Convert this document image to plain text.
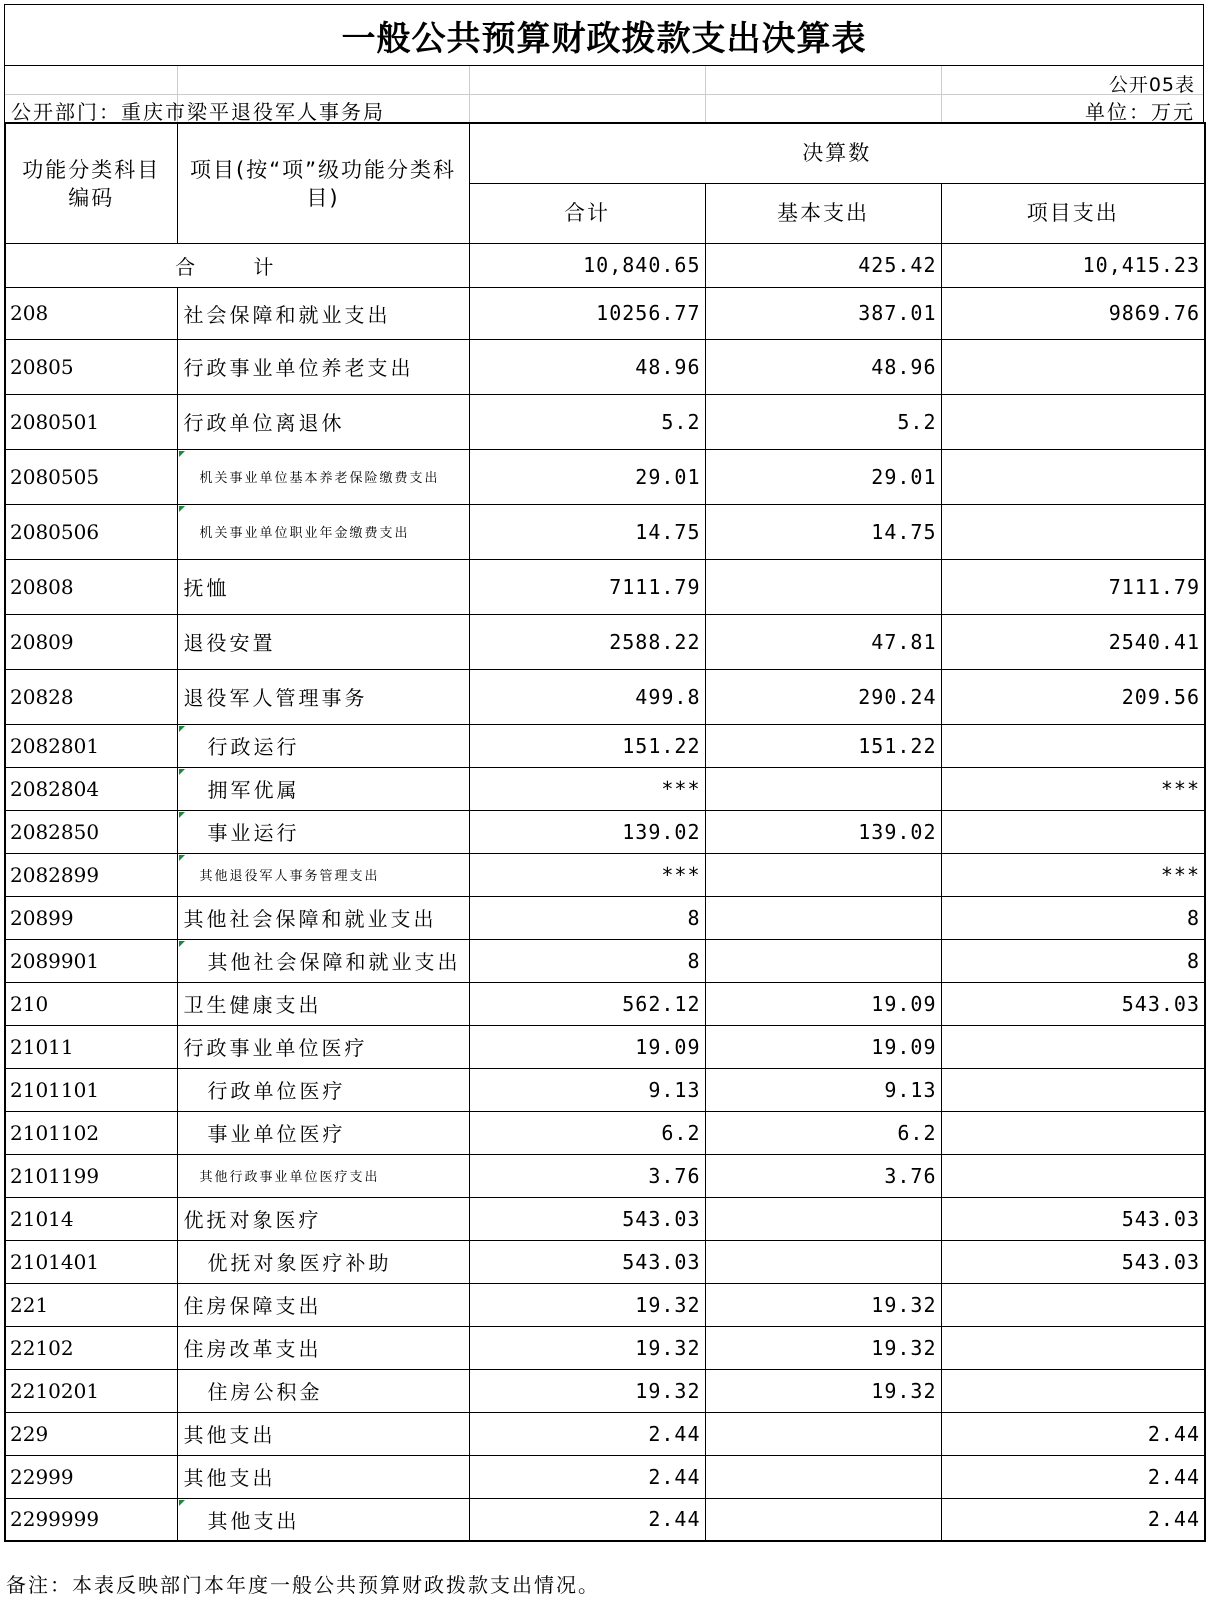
一般公共预算财政拨款支出决算表
公开05表
公开部门：重庆市梁平退役军人事务局	单位：万元
功能分类科目编码	项目(按“项”级功能分类科目)	决算数		
		合计	基本支出	项目支出
合 计		10,840.65	425.42	10,415.23
208	社会保障和就业支出	10256.77	387.01	9869.76
20805	行政事业单位养老支出	48.96	48.96	
2080501	行政单位离退休	5.2	5.2	
2080505	机关事业单位基本养老保险缴费支出	29.01	29.01	
2080506	机关事业单位职业年金缴费支出	14.75	14.75	
20808	抚恤	7111.79		7111.79
20809	退役安置	2588.22	47.81	2540.41
20828	退役军人管理事务	499.8	290.24	209.56
2082801	行政运行	151.22	151.22	
2082804	拥军优属	***		***
2082850	事业运行	139.02	139.02	
2082899	其他退役军人事务管理支出	***		***
20899	其他社会保障和就业支出	8		8
2089901	其他社会保障和就业支出	8		8
210	卫生健康支出	562.12	19.09	543.03
21011	行政事业单位医疗	19.09	19.09	
2101101	行政单位医疗	9.13	9.13	
2101102	事业单位医疗	6.2	6.2	
2101199	其他行政事业单位医疗支出	3.76	3.76	
21014	优抚对象医疗	543.03		543.03
2101401	优抚对象医疗补助	543.03		543.03
221	住房保障支出	19.32	19.32	
22102	住房改革支出	19.32	19.32	
2210201	住房公积金	19.32	19.32	
229	其他支出	2.44		2.44
22999	其他支出	2.44		2.44
2299999	其他支出	2.44		2.44
备注：本表反映部门本年度一般公共预算财政拨款支出情况。
